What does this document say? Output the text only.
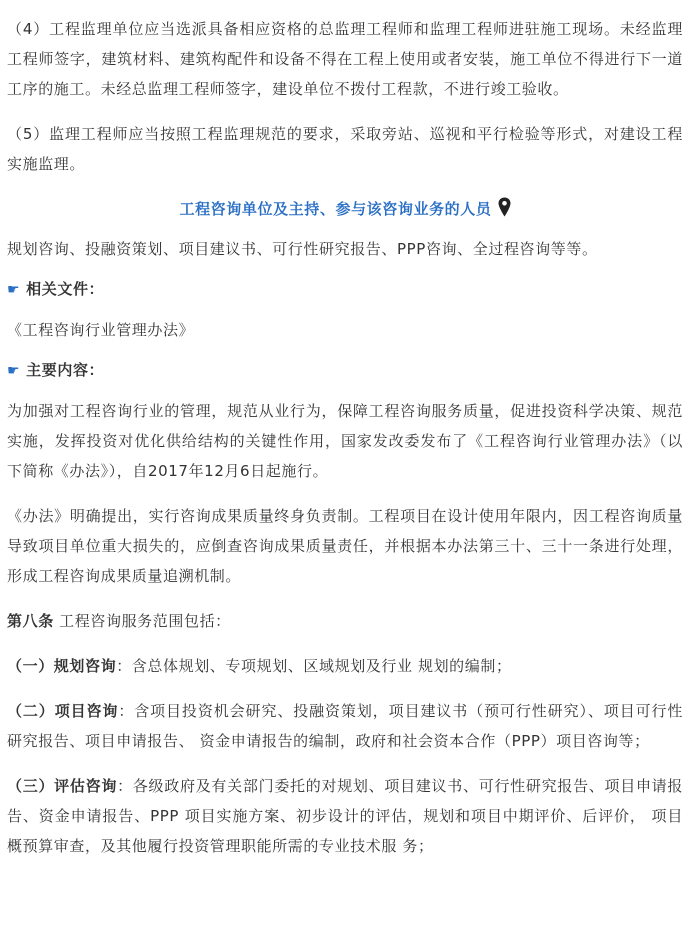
（4）工程监理单位应当选派具备相应资格的总监理工程师和监理工程师进驻施工现场。未经监理工程师签字，建筑材料、建筑构配件和设备不得在工程上使用或者安装，施工单位不得进行下一道工序的施工。未经总监理工程师签字，建设单位不拨付工程款，不进行竣工验收。

（5）监理工程师应当按照工程监理规范的要求，采取旁站、巡视和平行检验等形式，对建设工程实施监理。

工程咨询单位及主持、参与该咨询业务的人员

规划咨询、投融资策划、项目建议书、可行性研究报告、PPP咨询、全过程咨询等等。

☛ 相关文件：

《工程咨询行业管理办法》

☛ 主要内容：

为加强对工程咨询行业的管理，规范从业行为，保障工程咨询服务质量，促进投资科学决策、规范实施，发挥投资对优化供给结构的关键性作用，国家发改委发布了《工程咨询行业管理办法》（以下简称《办法》），自2017年12月6日起施行。

《办法》明确提出，实行咨询成果质量终身负责制。工程项目在设计使用年限内，因工程咨询质量导致项目单位重大损失的，应倒查咨询成果质量责任，并根据本办法第三十、三十一条进行处理，形成工程咨询成果质量追溯机制。

第八条 工程咨询服务范围包括：

（一）规划咨询：含总体规划、专项规划、区域规划及行业 规划的编制；

（二）项目咨询：含项目投资机会研究、投融资策划，项目建议书（预可行性研究）、项目可行性研究报告、项目申请报告、 资金申请报告的编制，政府和社会资本合作（PPP）项目咨询等；

（三）评估咨询：各级政府及有关部门委托的对规划、项目建议书、可行性研究报告、项目申请报告、资金申请报告、PPP 项目实施方案、初步设计的评估，规划和项目中期评价、后评价， 项目概预算审查，及其他履行投资管理职能所需的专业技术服 务；
